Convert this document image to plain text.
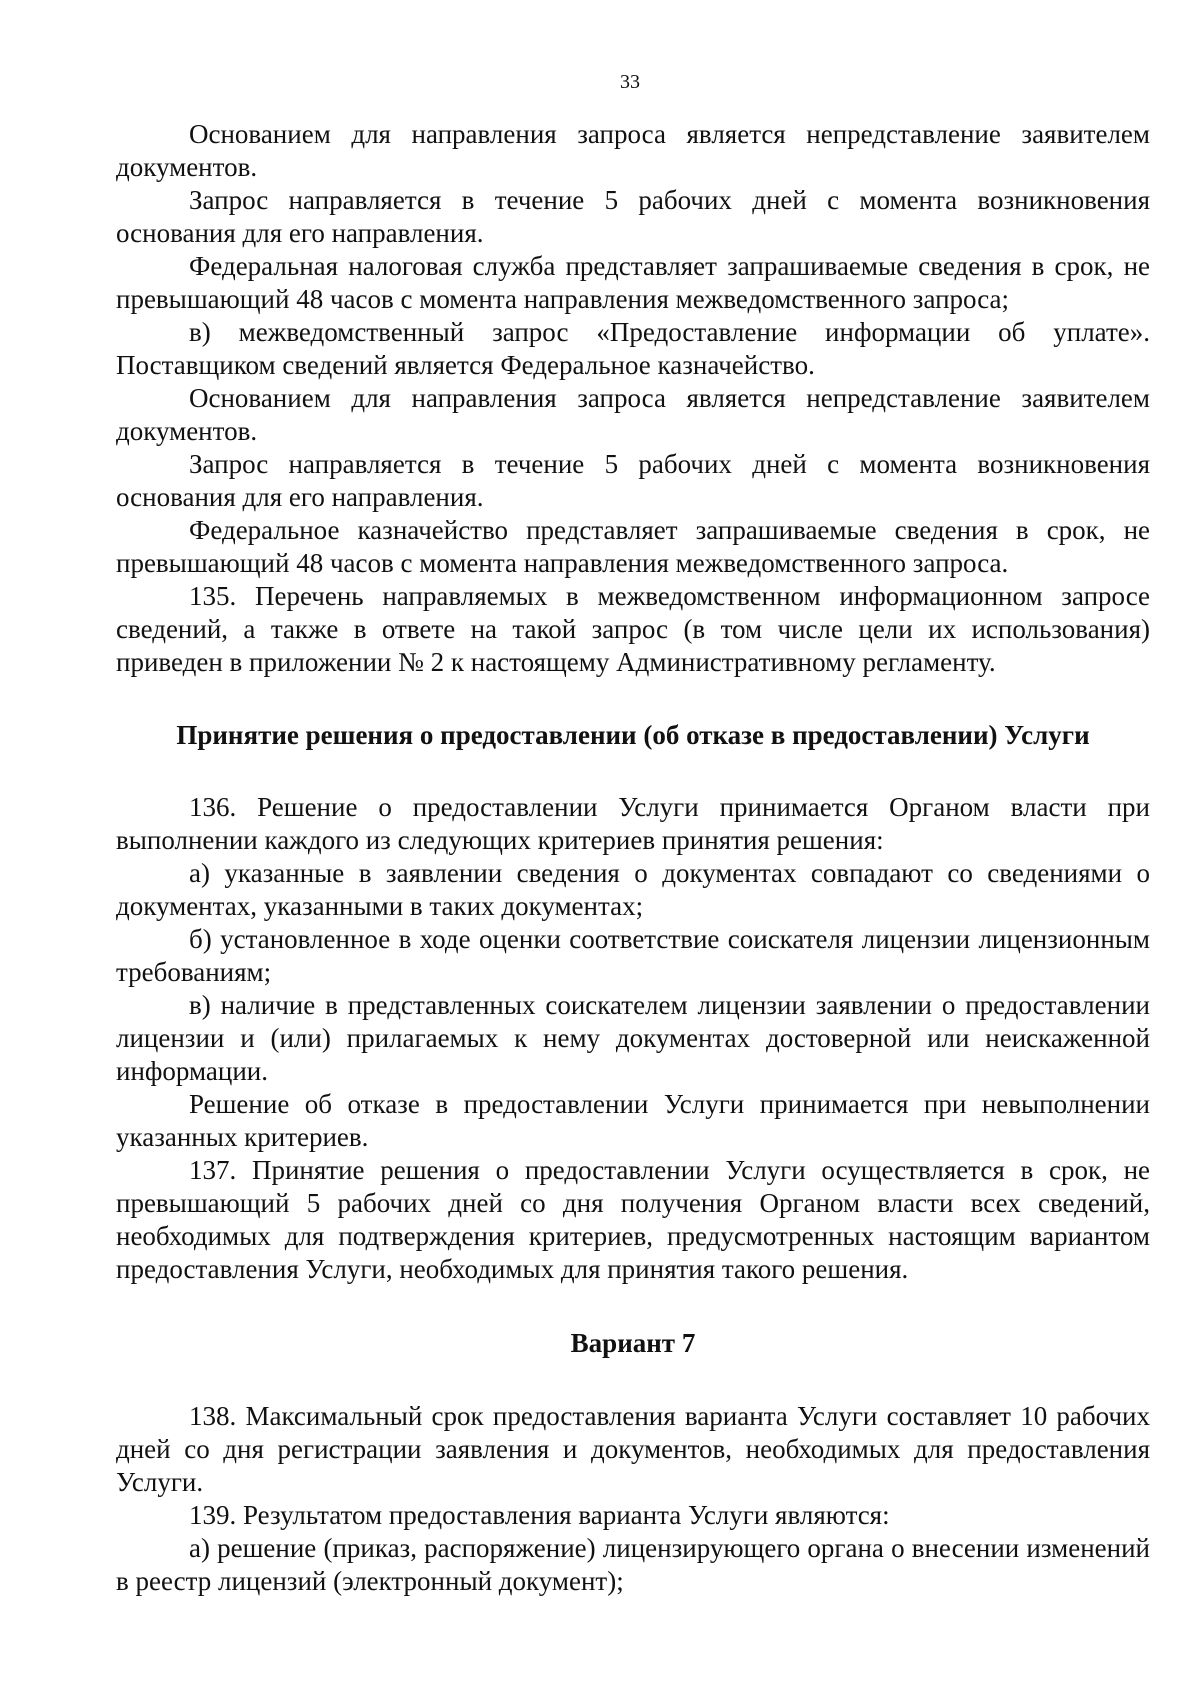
33

Основанием для направления запроса является непредставление заявителем документов.

Запрос направляется в течение 5 рабочих дней с момента возникновения основания для его направления.

Федеральная налоговая служба представляет запрашиваемые сведения в срок, не превышающий 48 часов с момента направления межведомственного запроса;

в) межведомственный запрос «Предоставление информации об уплате». Поставщиком сведений является Федеральное казначейство.

Основанием для направления запроса является непредставление заявителем документов.

Запрос направляется в течение 5 рабочих дней с момента возникновения основания для его направления.

Федеральное казначейство представляет запрашиваемые сведения в срок, не превышающий 48 часов с момента направления межведомственного запроса.

135. Перечень направляемых в межведомственном информационном запросе сведений, а также в ответе на такой запрос (в том числе цели их использования) приведен в приложении № 2 к настоящему Административному регламенту.

Принятие решения о предоставлении (об отказе в предоставлении) Услуги

136. Решение о предоставлении Услуги принимается Органом власти при выполнении каждого из следующих критериев принятия решения:

а) указанные в заявлении сведения о документах совпадают со сведениями о документах, указанными в таких документах;

б) установленное в ходе оценки соответствие соискателя лицензии лицензионным требованиям;

в) наличие в представленных соискателем лицензии заявлении о предоставлении лицензии и (или) прилагаемых к нему документах достоверной или неискаженной информации.

Решение об отказе в предоставлении Услуги принимается при невыполнении указанных критериев.

137. Принятие решения о предоставлении Услуги осуществляется в срок, не превышающий 5 рабочих дней со дня получения Органом власти всех сведений, необходимых для подтверждения критериев, предусмотренных настоящим вариантом предоставления Услуги, необходимых для принятия такого решения.

Вариант 7

138. Максимальный срок предоставления варианта Услуги составляет 10 рабочих дней со дня регистрации заявления и документов, необходимых для предоставления Услуги.

139. Результатом предоставления варианта Услуги являются:

а) решение (приказ, распоряжение) лицензирующего органа о внесении изменений в реестр лицензий (электронный документ);
